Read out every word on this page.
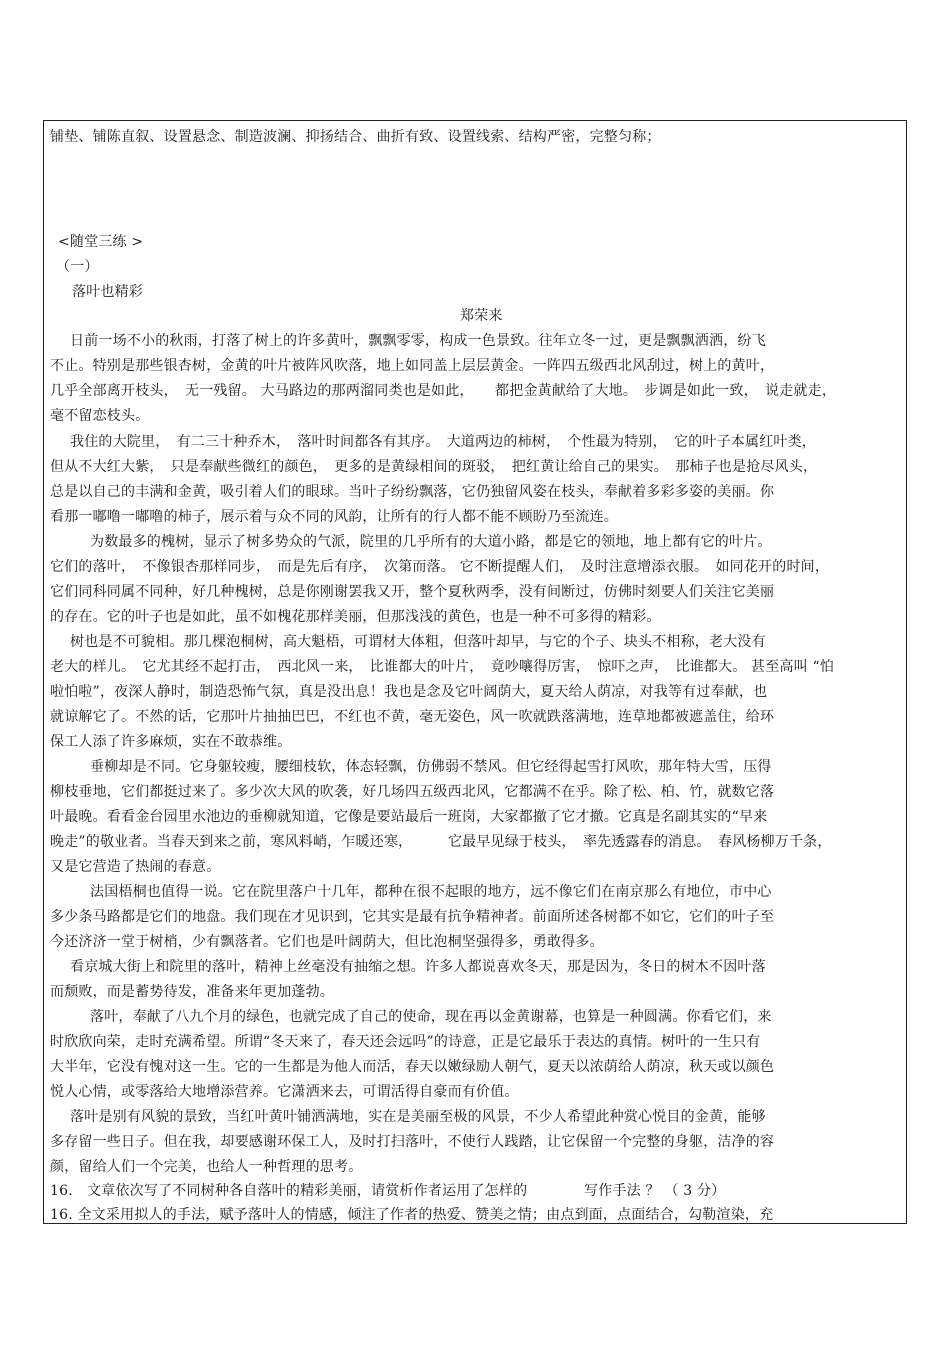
铺垫、铺陈直叙、设置悬念、制造波澜、抑扬结合、曲折有致、设置线索、结构严密，完整匀称；
<随堂三练 >
（一）
落叶也精彩
郑荣来
日前一场不小的秋雨，打落了树上的许多黄叶，飘飘零零，构成一色景致。往年立冬一过，更是飘飘洒洒，纷飞
不止。特别是那些银杏树，金黄的叶片被阵风吹落，地上如同盖上层层黄金。一阵四五级西北风刮过，树上的黄叶，
几乎全部离开枝头，　无一残留。 大马路边的那两溜同类也是如此，　　都把金黄献给了大地。　步调是如此一致，　说走就走，
毫不留恋枝头。
我住的大院里，　有二三十种乔木，　落叶时间都各有其序。　大道两边的柿树，　个性最为特别，　它的叶子本属红叶类，
但从不大红大紫，　只是奉献些微红的颜色，　更多的是黄绿相间的斑驳，　把红黄让给自己的果实。　那柿子也是抢尽风头，
总是以自己的丰满和金黄，吸引着人们的眼球。当叶子纷纷飘落，它仍独留风姿在枝头，奉献着多彩多姿的美丽。你
看那一嘟噜一嘟噜的柿子，展示着与众不同的风韵，让所有的行人都不能不顾盼乃至流连。
为数最多的槐树，显示了树多势众的气派，院里的几乎所有的大道小路，都是它的领地，地上都有它的叶片。
它们的落叶，　不像银杏那样同步，　而是先后有序，　次第而落。 它不断提醒人们，　及时注意增添衣服。　如同花开的时间，
它们同科同属不同种，好几种槐树，总是你刚谢罢我又开，整个夏秋两季，没有间断过，仿佛时刻要人们关注它美丽
的存在。它的叶子也是如此，虽不如槐花那样美丽，但那浅浅的黄色，也是一种不可多得的精彩。
树也是不可貌相。那几棵泡桐树，高大魁梧，可谓材大体粗，但落叶却早，与它的个子、块头不相称，老大没有
老大的样儿。　它尤其经不起打击，　西北风一来，　比谁都大的叶片，　竟吵嚷得厉害，　惊吓之声，　比谁都大。 甚至高叫 “怕
啦怕啦”，夜深人静时，制造恐怖气氛，真是没出息！我也是念及它叶阔荫大，夏天给人荫凉，对我等有过奉献，也
就谅解它了。不然的话，它那叶片抽抽巴巴，不红也不黄，毫无姿色，风一吹就跌落满地，连草地都被遮盖住，给环
保工人添了许多麻烦，实在不敢恭维。
垂柳却是不同。它身躯较瘦，腰细枝软，体态轻飘，仿佛弱不禁风。但它经得起雪打风吹，那年特大雪，压得
柳枝垂地，它们都挺过来了。多少次大风的吹袭，好几场四五级西北风，它都满不在乎。除了松、柏、竹，就数它落
叶最晚。看看金台园里水池边的垂柳就知道，它像是要站最后一班岗，大家都撤了它才撤。它真是名副其实的“早来
晚走”的敬业者。当春天到来之前，寒风料峭，乍暖还寒，　　　它最早见绿于枝头，　率先透露春的消息。　春风杨柳万千条，
又是它营造了热闹的春意。
法国梧桐也值得一说。它在院里落户十几年，都种在很不起眼的地方，远不像它们在南京那么有地位，市中心
多少条马路都是它们的地盘。我们现在才见识到，它其实是最有抗争精神者。前面所述各树都不如它，它们的叶子至
今还济济一堂于树梢，少有飘落者。它们也是叶阔荫大，但比泡桐坚强得多，勇敢得多。
看京城大街上和院里的落叶，精神上丝毫没有抽缩之想。许多人都说喜欢冬天，那是因为，冬日的树木不因叶落
而颓败，而是蓄势待发，准备来年更加蓬勃。
落叶，奉献了八九个月的绿色，也就完成了自己的使命，现在再以金黄谢幕，也算是一种圆满。你看它们，来
时欣欣向荣，走时充满希望。所谓“冬天来了，春天还会远吗”的诗意，正是它最乐于表达的真情。树叶的一生只有
大半年，它没有愧对这一生。它的一生都是为他人而活，春天以嫩绿励人朝气，夏天以浓荫给人荫凉，秋天或以颜色
悦人心情，或零落给大地增添营养。它潇洒来去，可谓活得自豪而有价值。
落叶是别有风貌的景致，当红叶黄叶铺洒满地，实在是美丽至极的风景，不少人希望此种赏心悦目的金黄，能够
多存留一些日子。但在我，却要感谢环保工人，及时打扫落叶，不使行人践踏，让它保留一个完整的身躯，洁净的容
颜，留给人们一个完美，也给人一种哲理的思考。
16． 文章依次写了不同树种各自落叶的精彩美丽，请赏析作者运用了怎样的　　　　写作手法 ？ （ 3 分）
16. 全文采用拟人的手法，赋予落叶人的情感，倾注了作者的热爱、赞美之情；由点到面，点面结合，勾勒渲染，充
